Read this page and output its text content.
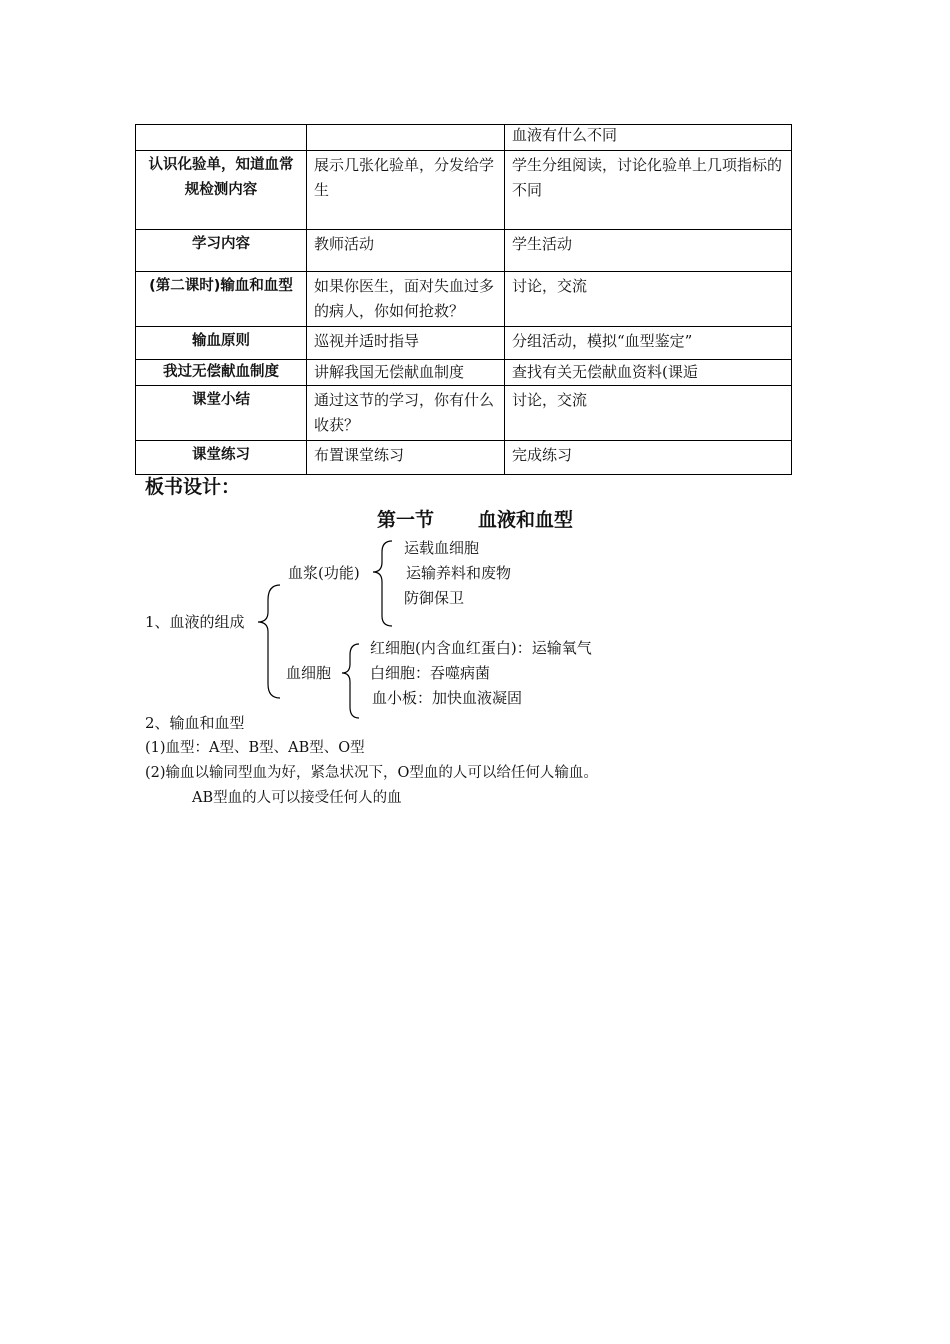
		血液有什么不同
认识化验单，知道血常规检测内容	展示几张化验单，分发给学生	学生分组阅读，讨论化验单上几项指标的不同
学习内容	教师活动	学生活动
(第二课时)输血和血型	如果你医生，面对失血过多的病人，你如何抢救？	讨论，交流
输血原则	巡视并适时指导	分组活动，模拟“血型鉴定”
我过无偿献血制度	讲解我国无偿献血制度	查找有关无偿献血资料(课逅
课堂小结	通过这节的学习，你有什么收获？	讨论，交流
课堂练习	布置课堂练习	完成练习
板书设计：
第一节 血液和血型
1、血液的组成
血浆(功能)
运载血细胞
运输养料和废物
防御保卫
血细胞
红细胞(内含血红蛋白)：运输氧气
白细胞：吞噬病菌
血小板：加快血液凝固
2、输血和血型
(1)血型：A型、B型、AB型、O型
(2)输血以输同型血为好，紧急状况下，O型血的人可以给任何人输血。
AB型血的人可以接受任何人的血
